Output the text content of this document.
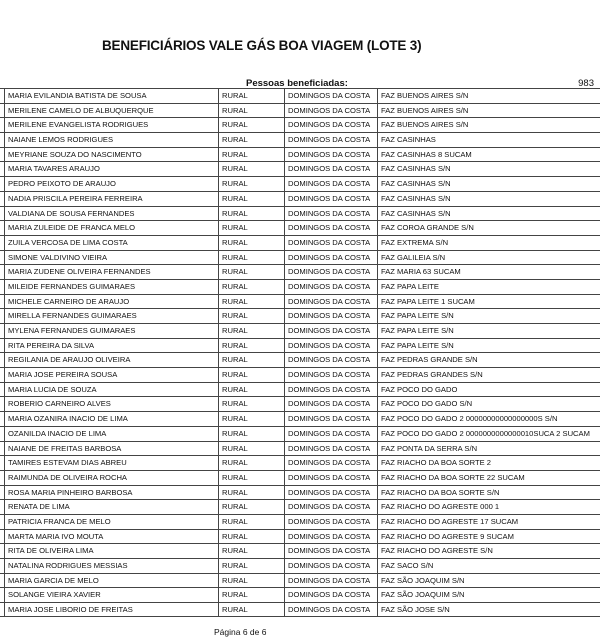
BENEFICIÁRIOS VALE GÁS BOA VIAGEM (LOTE 3)
Pessoas beneficiadas:	983
MARIA EVILANDIA BATISTA DE SOUSA	RURAL	DOMINGOS DA COSTA	FAZ BUENOS AIRES S/N
MERILENE CAMELO DE ALBUQUERQUE	RURAL	DOMINGOS DA COSTA	FAZ BUENOS AIRES S/N
MERILENE EVANGELISTA RODRIGUES	RURAL	DOMINGOS DA COSTA	FAZ BUENOS AIRES S/N
NAIANE LEMOS RODRIGUES	RURAL	DOMINGOS DA COSTA	FAZ CASINHAS
MEYRIANE SOUZA DO NASCIMENTO	RURAL	DOMINGOS DA COSTA	FAZ CASINHAS 8 SUCAM
MARIA TAVARES ARAUJO	RURAL	DOMINGOS DA COSTA	FAZ CASINHAS S/N
PEDRO PEIXOTO DE ARAUJO	RURAL	DOMINGOS DA COSTA	FAZ CASINHAS S/N
NADIA PRISCILA PEREIRA FERREIRA	RURAL	DOMINGOS DA COSTA	FAZ CASINHAS S/N
VALDIANA DE SOUSA FERNANDES	RURAL	DOMINGOS DA COSTA	FAZ CASINHAS S/N
MARIA ZULEIDE DE FRANCA MELO	RURAL	DOMINGOS DA COSTA	FAZ COROA GRANDE S/N
ZUILA VERCOSA DE LIMA COSTA	RURAL	DOMINGOS DA COSTA	FAZ EXTREMA S/N
SIMONE VALDIVINO VIEIRA	RURAL	DOMINGOS DA COSTA	FAZ GALILEIA S/N
MARIA ZUDENE OLIVEIRA FERNANDES	RURAL	DOMINGOS DA COSTA	FAZ MARIA 63 SUCAM
MILEIDE FERNANDES GUIMARAES	RURAL	DOMINGOS DA COSTA	FAZ PAPA LEITE
MICHELE CARNEIRO DE ARAUJO	RURAL	DOMINGOS DA COSTA	FAZ PAPA LEITE 1 SUCAM
MIRELLA FERNANDES GUIMARAES	RURAL	DOMINGOS DA COSTA	FAZ PAPA LEITE S/N
MYLENA FERNANDES GUIMARAES	RURAL	DOMINGOS DA COSTA	FAZ PAPA LEITE S/N
RITA PEREIRA DA SILVA	RURAL	DOMINGOS DA COSTA	FAZ PAPA LEITE S/N
REGILANIA DE ARAUJO OLIVEIRA	RURAL	DOMINGOS DA COSTA	FAZ PEDRAS GRANDE S/N
MARIA JOSE PEREIRA SOUSA	RURAL	DOMINGOS DA COSTA	FAZ PEDRAS GRANDES S/N
MARIA LUCIA DE SOUZA	RURAL	DOMINGOS DA COSTA	FAZ POCO DO GADO
ROBERIO CARNEIRO ALVES	RURAL	DOMINGOS DA COSTA	FAZ POCO DO GADO S/N
MARIA OZANIRA INACIO DE LIMA	RURAL	DOMINGOS DA COSTA	FAZ POCO DO GADO 2 00000000000000000S S/N
OZANILDA INACIO DE LIMA	RURAL	DOMINGOS DA COSTA	FAZ POCO DO GADO 2 0000000000000010SUCA 2 SUCAM
NAIANE DE FREITAS BARBOSA	RURAL	DOMINGOS DA COSTA	FAZ PONTA DA SERRA S/N
TAMIRES ESTEVAM DIAS ABREU	RURAL	DOMINGOS DA COSTA	FAZ RIACHO DA BOA SORTE 2
RAIMUNDA DE OLIVEIRA ROCHA	RURAL	DOMINGOS DA COSTA	FAZ RIACHO DA BOA SORTE 22 SUCAM
ROSA MARIA PINHEIRO BARBOSA	RURAL	DOMINGOS DA COSTA	FAZ RIACHO DA BOA SORTE S/N
RENATA DE LIMA	RURAL	DOMINGOS DA COSTA	FAZ RIACHO DO AGRESTE 000 1
PATRICIA FRANCA DE MELO	RURAL	DOMINGOS DA COSTA	FAZ RIACHO DO AGRESTE 17 SUCAM
MARTA MARIA IVO MOUTA	RURAL	DOMINGOS DA COSTA	FAZ RIACHO DO AGRESTE 9 SUCAM
RITA DE OLIVEIRA LIMA	RURAL	DOMINGOS DA COSTA	FAZ RIACHO DO AGRESTE S/N
NATALINA RODRIGUES MESSIAS	RURAL	DOMINGOS DA COSTA	FAZ SACO S/N
MARIA GARCIA DE MELO	RURAL	DOMINGOS DA COSTA	FAZ SÃO JOAQUIM S/N
SOLANGE VIEIRA XAVIER	RURAL	DOMINGOS DA COSTA	FAZ SÃO JOAQUIM S/N
MARIA JOSE LIBORIO DE FREITAS	RURAL	DOMINGOS DA COSTA	FAZ SÃO JOSE S/N
Página 6 de 6
